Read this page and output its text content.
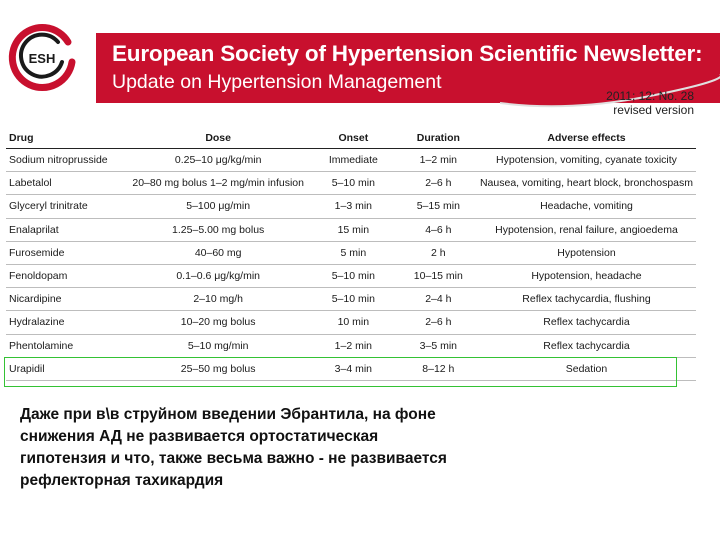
ESH	European Society of Hypertension Scientific Newsletter:
Update on Hypertension Management
2011; 12: No. 28
revised version
Drug	Dose	Onset	Duration	Adverse effects
Sodium nitroprusside	0.25–10 μg/kg/min	Immediate	1–2 min	Hypotension, vomiting, cyanate toxicity
Labetalol	20–80 mg bolus 1–2 mg/min infusion	5–10 min	2–6 h	Nausea, vomiting, heart block, bronchospasm
Glyceryl trinitrate	5–100 μg/min	1–3 min	5–15 min	Headache, vomiting
Enalaprilat	1.25–5.00 mg bolus	15 min	4–6 h	Hypotension, renal failure, angioedema
Furosemide	40–60 mg	5 min	2 h	Hypotension
Fenoldopam	0.1–0.6 μg/kg/min	5–10 min	10–15 min	Hypotension, headache
Nicardipine	2–10 mg/h	5–10 min	2–4 h	Reflex tachycardia, flushing
Hydralazine	10–20 mg bolus	10 min	2–6 h	Reflex tachycardia
Phentolamine	5–10 mg/min	1–2 min	3–5 min	Reflex tachycardia
Urapidil	25–50 mg bolus	3–4 min	8–12 h	Sedation
Даже при в\в струйном введении Эбрантила, на фоне снижения АД не развивается ортостатическая гипотензия и что, также весьма важно - не развивается рефлекторная тахикардия
